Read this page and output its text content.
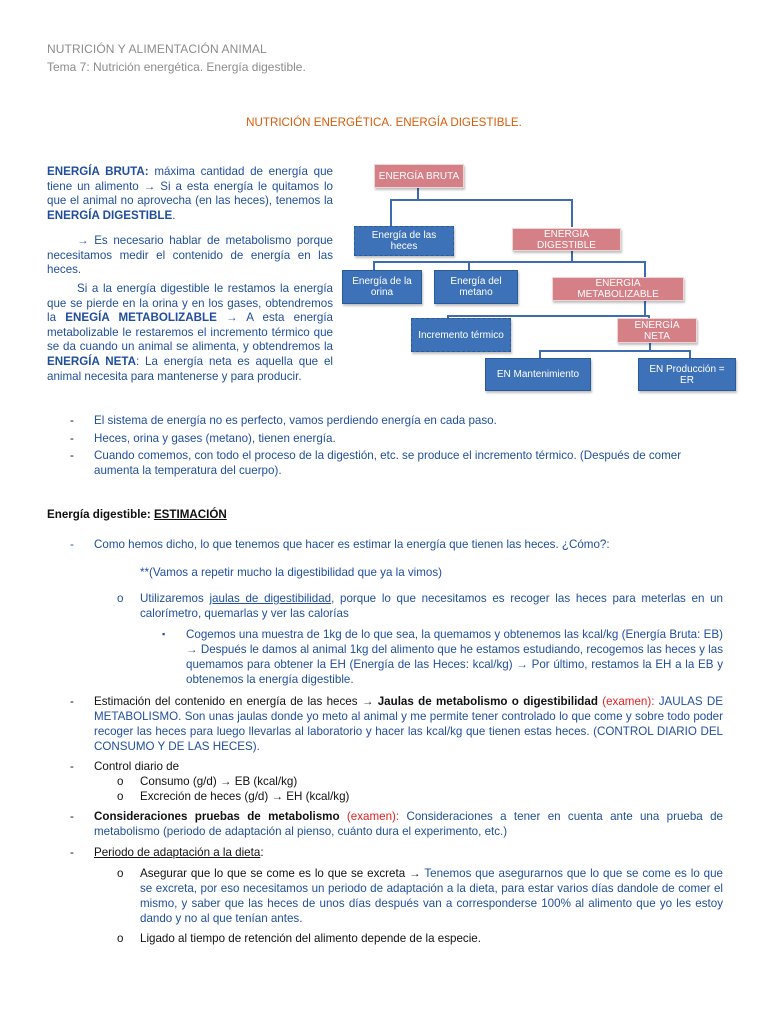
NUTRICIÓN Y ALIMENTACIÓN ANIMAL
Tema 7: Nutrición energética. Energía digestible.
NUTRICIÓN ENERGÉTICA. ENERGÍA DIGESTIBLE.
ENERGÍA BRUTA: máxima cantidad de energía que tiene un alimento → Si a esta energía le quitamos lo que el animal no aprovecha (en las heces), tenemos la ENERGÍA DIGESTIBLE.
→ Es necesario hablar de metabolismo porque necesitamos medir el contenido de energía en las heces.
Si a la energía digestible le restamos la energía que se pierde en la orina y en los gases, obtendremos la ENEGÍA METABOLIZABLE → A esta energía metabolizable le restaremos el incremento térmico que se da cuando un animal se alimenta, y obtendremos la ENERGÍA NETA: La energía neta es aquella que el animal necesita para mantenerse y para producir.
ENERGÍA BRUTA
Energía de las heces
ENERGÍA DIGESTIBLE
Energía de la orina
Energía del metano
ENERGÍA METABOLIZABLE
Incremento térmico
ENERGÍA NETA
EN Mantenimiento	EN Producción = ER
- El sistema de energía no es perfecto, vamos perdiendo energía en cada paso.
- Heces, orina y gases (metano), tienen energía.
- Cuando comemos, con todo el proceso de la digestión, etc. se produce el incremento térmico. (Después de comer aumenta la temperatura del cuerpo).
Energía digestible: ESTIMACIÓN
- Como hemos dicho, lo que tenemos que hacer es estimar la energía que tienen las heces. ¿Cómo?:
**(Vamos a repetir mucho la digestibilidad que ya la vimos)
o Utilizaremos jaulas de digestibilidad, porque lo que necesitamos es recoger las heces para meterlas en un calorímetro, quemarlas y ver las calorías
▪ Cogemos una muestra de 1kg de lo que sea, la quemamos y obtenemos las kcal/kg (Energía Bruta: EB) → Después le damos al animal 1kg del alimento que he estamos estudiando, recogemos las heces y las quemamos para obtener la EH (Energía de las Heces: kcal/kg) → Por último, restamos la EH a la EB y obtenemos la energía digestible.
- Estimación del contenido en energía de las heces → Jaulas de metabolismo o digestibilidad (examen): JAULAS DE METABOLISMO. Son unas jaulas donde yo meto al animal y me permite tener controlado lo que come y sobre todo poder recoger las heces para luego llevarlas al laboratorio y hacer las kcal/kg que tienen estas heces. (CONTROL DIARIO DEL CONSUMO Y DE LAS HECES).
- Control diario de
o Consumo (g/d) → EB (kcal/kg)
o Excreción de heces (g/d) → EH (kcal/kg)
- Consideraciones pruebas de metabolismo (examen): Consideraciones a tener en cuenta ante una prueba de metabolismo (periodo de adaptación al pienso, cuánto dura el experimento, etc.)
- Periodo de adaptación a la dieta:
o Asegurar que lo que se come es lo que se excreta → Tenemos que asegurarnos que lo que se come es lo que se excreta, por eso necesitamos un periodo de adaptación a la dieta, para estar varios días dandole de comer el mismo, y saber que las heces de unos días después van a corresponderse 100% al alimento que yo les estoy dando y no al que tenían antes.
o Ligado al tiempo de retención del alimento depende de la especie.
